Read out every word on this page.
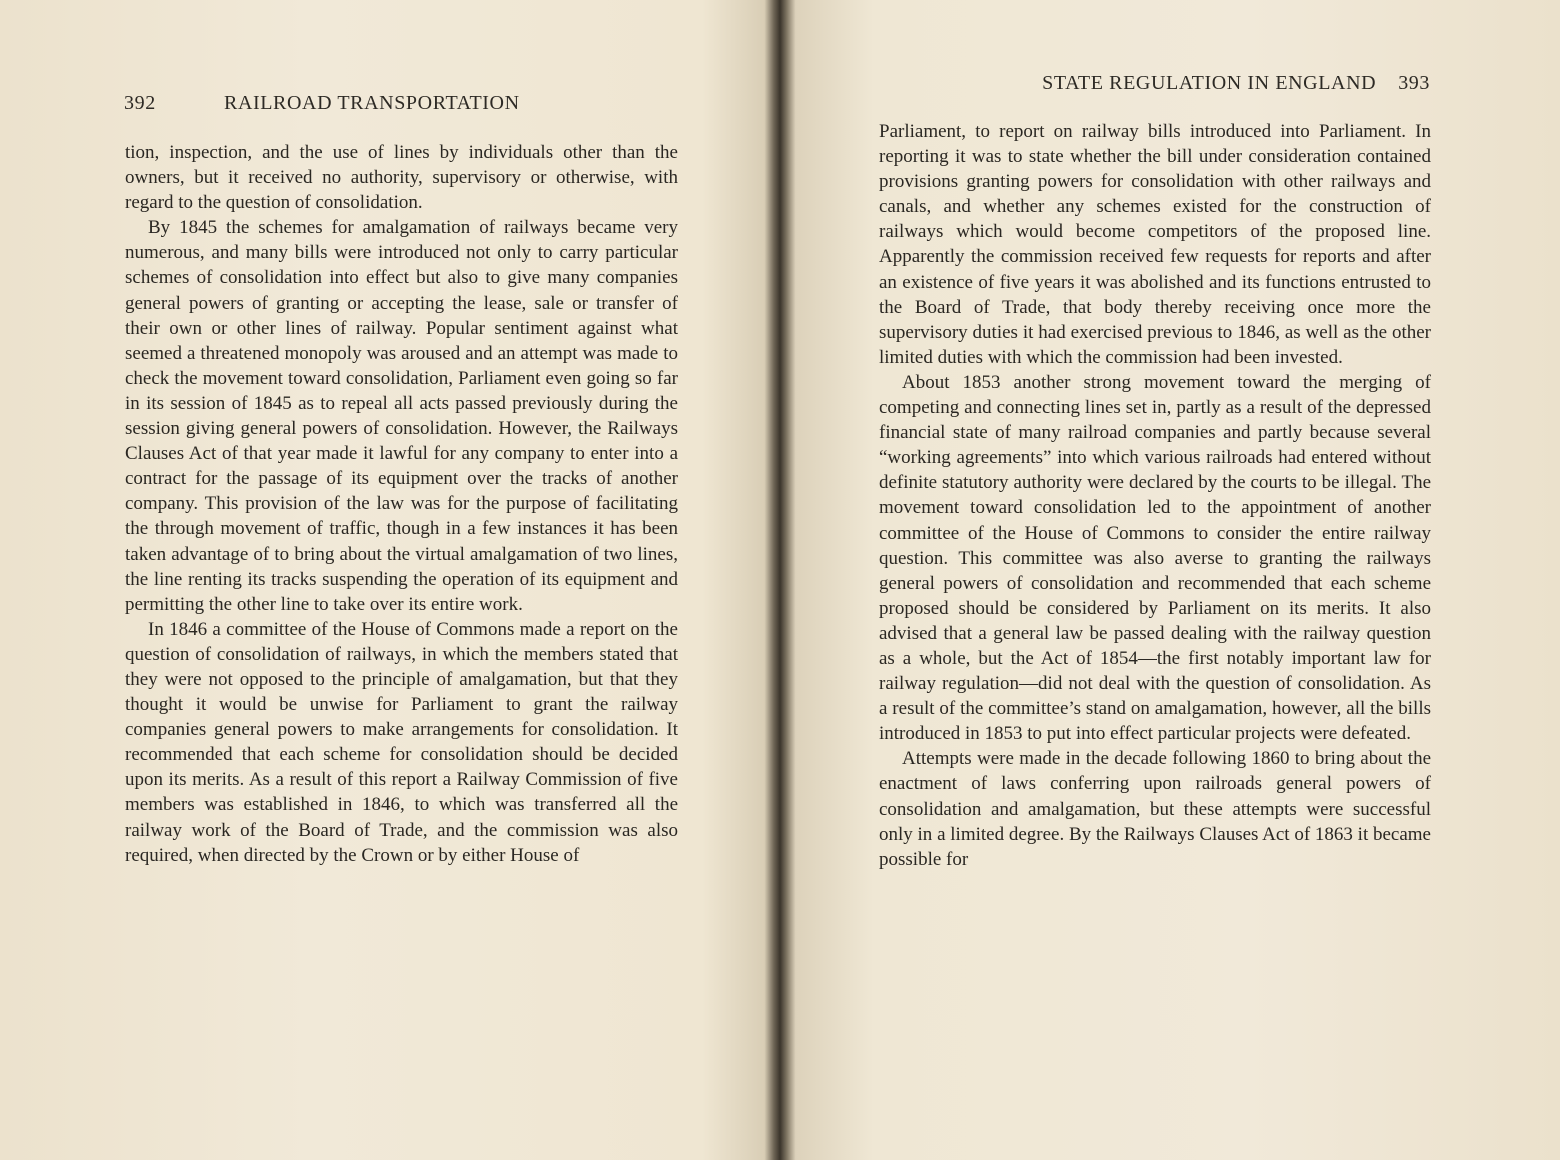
392	RAILROAD TRANSPORTATION

tion, inspection, and the use of lines by individuals other than the owners, but it received no authority, supervisory or otherwise, with regard to the question of consolidation.

By 1845 the schemes for amalgamation of railways became very numerous, and many bills were introduced not only to carry particular schemes of consolidation into effect but also to give many companies general powers of granting or accepting the lease, sale or transfer of their own or other lines of railway. Popular sentiment against what seemed a threatened monopoly was aroused and an attempt was made to check the movement toward consolidation, Parliament even going so far in its session of 1845 as to repeal all acts passed previously during the session giving general powers of consolidation. However, the Railways Clauses Act of that year made it lawful for any company to enter into a contract for the passage of its equipment over the tracks of another company. This provision of the law was for the purpose of facilitating the through movement of traffic, though in a few instances it has been taken advantage of to bring about the virtual amalgamation of two lines, the line renting its tracks suspending the operation of its equipment and permitting the other line to take over its entire work.

In 1846 a committee of the House of Commons made a report on the question of consolidation of railways, in which the members stated that they were not opposed to the principle of amalgamation, but that they thought it would be unwise for Parliament to grant the railway companies general powers to make arrangements for consolidation. It recommended that each scheme for consolidation should be decided upon its merits. As a result of this report a Railway Commission of five members was established in 1846, to which was transferred all the railway work of the Board of Trade, and the commission was also required, when directed by the Crown or by either House of

STATE REGULATION IN ENGLAND 393

Parliament, to report on railway bills introduced into Parliament. In reporting it was to state whether the bill under consideration contained provisions granting powers for consolidation with other railways and canals, and whether any schemes existed for the construction of railways which would become competitors of the proposed line. Apparently the commission received few requests for reports and after an existence of five years it was abolished and its functions entrusted to the Board of Trade, that body thereby receiving once more the supervisory duties it had exercised previous to 1846, as well as the other limited duties with which the commission had been invested.

About 1853 another strong movement toward the merging of competing and connecting lines set in, partly as a result of the depressed financial state of many railroad companies and partly because several “working agreements” into which various railroads had entered without definite statutory authority were declared by the courts to be illegal. The movement toward consolidation led to the appointment of another committee of the House of Commons to consider the entire railway question. This committee was also averse to granting the railways general powers of consolidation and recommended that each scheme proposed should be considered by Parliament on its merits. It also advised that a general law be passed dealing with the railway question as a whole, but the Act of 1854—the first notably important law for railway regulation—did not deal with the question of consolidation. As a result of the committee’s stand on amalgamation, however, all the bills introduced in 1853 to put into effect particular projects were defeated.

Attempts were made in the decade following 1860 to bring about the enactment of laws conferring upon railroads general powers of consolidation and amalgamation, but these attempts were successful only in a limited degree. By the Railways Clauses Act of 1863 it became possible for
